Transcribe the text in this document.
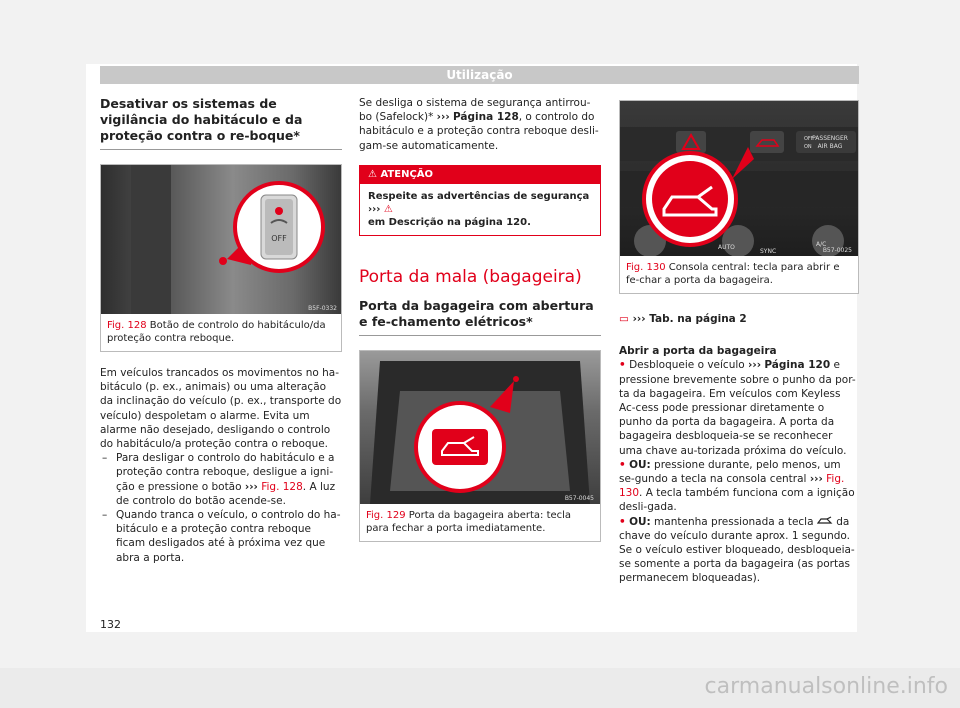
Utilização
Desativar os sistemas de vigilância do habitáculo e da proteção contra o re-boque*
OFF
B5F-0332
Fig. 128 Botão de controlo do habitáculo/da proteção contra reboque.

Em veículos trancados os movimentos no ha-bitáculo (p. ex., animais) ou uma alteração da inclinação do veículo (p. ex., transporte do veículo) despoletam o alarme. Evita um alarme não desejado, desligando o controlo do habitáculo/a proteção contra o reboque.

– Para desligar o controlo do habitáculo e a proteção contra reboque, desligue a igni-ção e pressione o botão ››› Fig. 128. A luz de controlo do botão acende-se.

– Quando tranca o veículo, o controlo do ha-bitáculo e a proteção contra reboque ficam desligados até à próxima vez que abra a porta.

Se desliga o sistema de segurança antirrou-bo (Safelock)* ››› Página 128, o controlo do habitáculo e a proteção contra reboque desli-gam-se automaticamente.

⚠ ATENÇÃO
Respeite as advertências de segurança ››› ⚠
em Descrição na página 120.
Porta da mala (bagageira)
Porta da bagageira com abertura e fe-chamento elétricos*
B57-0045
Fig. 129 Porta da bagageira aberta: tecla para fechar a porta imediatamente.
PASSENGER
AIR BAG
OFF
ON
AUTO
SYNC
A/C
B57-0025
Fig. 130 Consola central: tecla para abrir e fe-char a porta da bagageira.

▭ ››› Tab. na página 2

Abrir a porta da bagageira

• Desbloqueie o veículo ››› Página 120 e pressione brevemente sobre o punho da por-ta da bagageira. Em veículos com Keyless Ac-cess pode pressionar diretamente o punho da porta da bagageira. A porta da bagageira desbloqueia-se se reconhecer uma chave au-torizada próxima do veículo.

• OU: pressione durante, pelo menos, um se-gundo a tecla na consola central ››› Fig. 130. A tecla também funciona com a ignição desli-gada.

• OU: mantenha pressionada a tecla  da chave do veículo durante aprox. 1 segundo. Se o veículo estiver bloqueado, desbloqueia-se somente a porta da bagageira (as portas permanecem bloqueadas).

132
carmanualsonline.info
